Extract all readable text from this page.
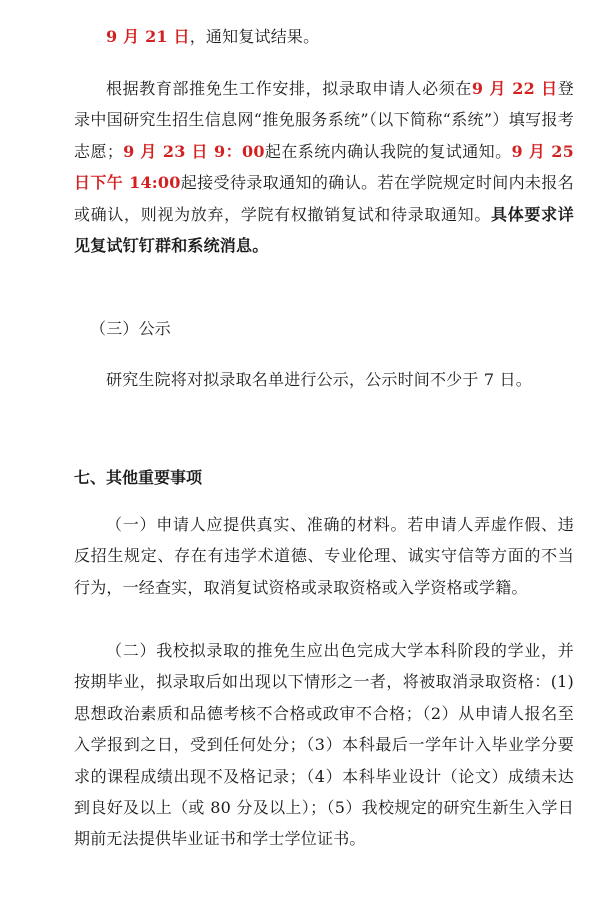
9 月 21 日，通知复试结果。

根据教育部推免生工作安排，拟录取申请人必须在9 月 22 日登录中国研究生招生信息网“推免服务系统”（以下简称“系统”）填写报考志愿；9 月 23 日 9：00起在系统内确认我院的复试通知。9 月 25 日下午 14:00起接受待录取通知的确认。若在学院规定时间内未报名或确认，则视为放弃，学院有权撤销复试和待录取通知。具体要求详见复试钉钉群和系统消息。

（三）公示

研究生院将对拟录取名单进行公示，公示时间不少于 7 日。

七、其他重要事项

（一）申请人应提供真实、准确的材料。若申请人弄虚作假、违反招生规定、存在有违学术道德、专业伦理、诚实守信等方面的不当行为，一经查实，取消复试资格或录取资格或入学资格或学籍。

（二）我校拟录取的推免生应出色完成大学本科阶段的学业，并按期毕业，拟录取后如出现以下情形之一者，将被取消录取资格：(1) 思想政治素质和品德考核不合格或政审不合格；（2）从申请人报名至入学报到之日，受到任何处分；（3）本科最后一学年计入毕业学分要求的课程成绩出现不及格记录；（4）本科毕业设计（论文）成绩未达到良好及以上（或 80 分及以上）；（5）我校规定的研究生新生入学日期前无法提供毕业证书和学士学位证书。
